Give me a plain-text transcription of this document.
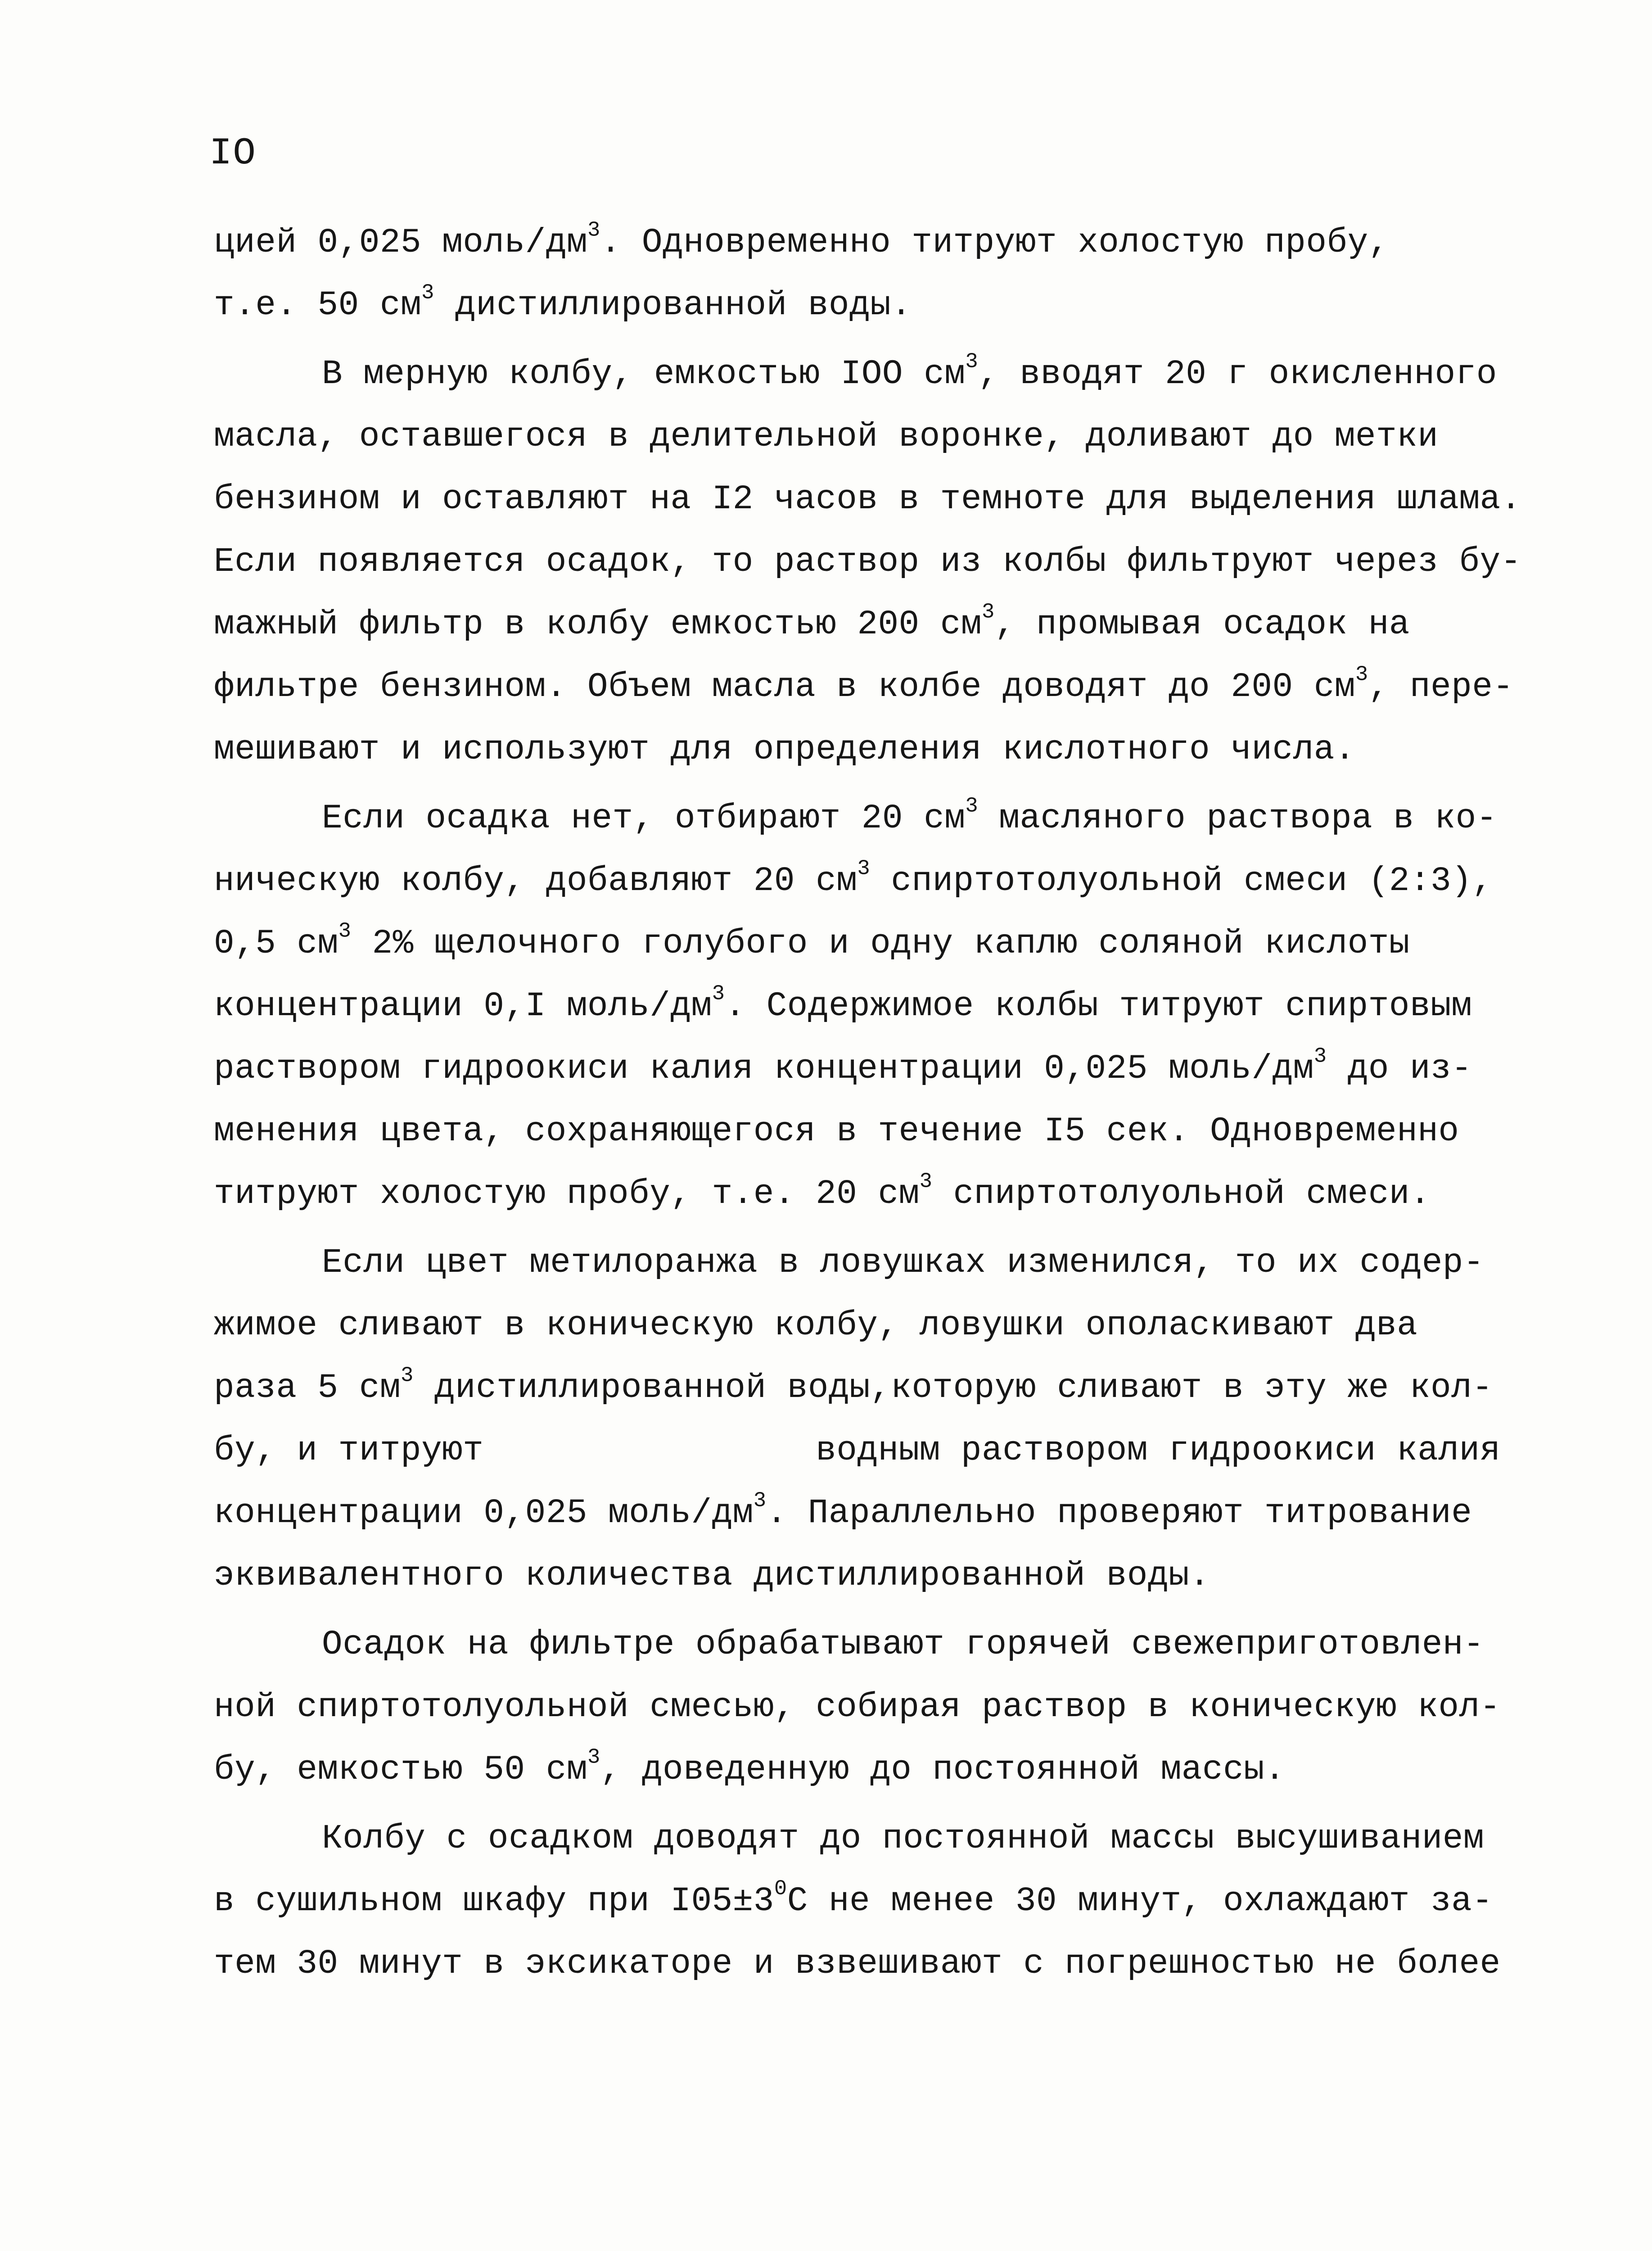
IO
цией 0,025 моль/$дм^3$. Одновременно титруют холостую пробу,
т.е. 50 $см^3$ дистиллированной воды.
В мерную колбу, емкостью IOO $см^3$, вводят 20 г окисленного
масла, оставшегося в делительной воронке, доливают до метки
бензином и оставляют на I2 часов в темноте для выделения шлама.
Если появляется осадок, то раствор из колбы фильтруют через бу-
мажный фильтр в колбу емкостью 200 $см^3$, промывая осадок на
фильтре бензином. Объем масла в колбе доводят до 200 $см^3$, пере-
мешивают и используют для определения кислотного числа.
Если осадка нет, отбирают 20 $см^3$ масляного раствора в ко-
ническую колбу, добавляют 20 $см^3$ спиртотолуольной смеси (2:3),
0,5 $см^3$ 2% щелочного голубого и одну каплю соляной кислоты
концентрации 0,I моль/$дм^3$. Содержимое колбы титруют спиртовым
раствором гидроокиси калия концентрации 0,025 моль/$дм^3$ до из-
менения цвета, сохраняющегося в течение I5 сек. Одновременно
титруют холостую пробу, т.е. 20 $см^3$ спиртотолуольной смеси.
Если цвет метилоранжа в ловушках изменился, то их содер-
жимое сливают в коническую колбу, ловушки ополаскивают два
раза 5 $см^3$ дистиллированной воды,которую сливают в эту же кол-
бу, и титруют                водным раствором гидроокиси калия
концентрации 0,025 моль/$дм^3$. Параллельно проверяют титрование
эквивалентного количества дистиллированной воды.
Осадок на фильтре обрабатывают горячей свежеприготовлен-
ной спиртотолуольной смесью, собирая раствор в коническую кол-
бу, емкостью 50 $см^3$, доведенную до постоянной массы.
Колбу с осадком доводят до постоянной массы высушиванием
в сушильном шкафу при $I05\pm 3^0С$ не менее 30 минут, охлаждают за-
тем 30 минут в эксикаторе и взвешивают с погрешностью не более
